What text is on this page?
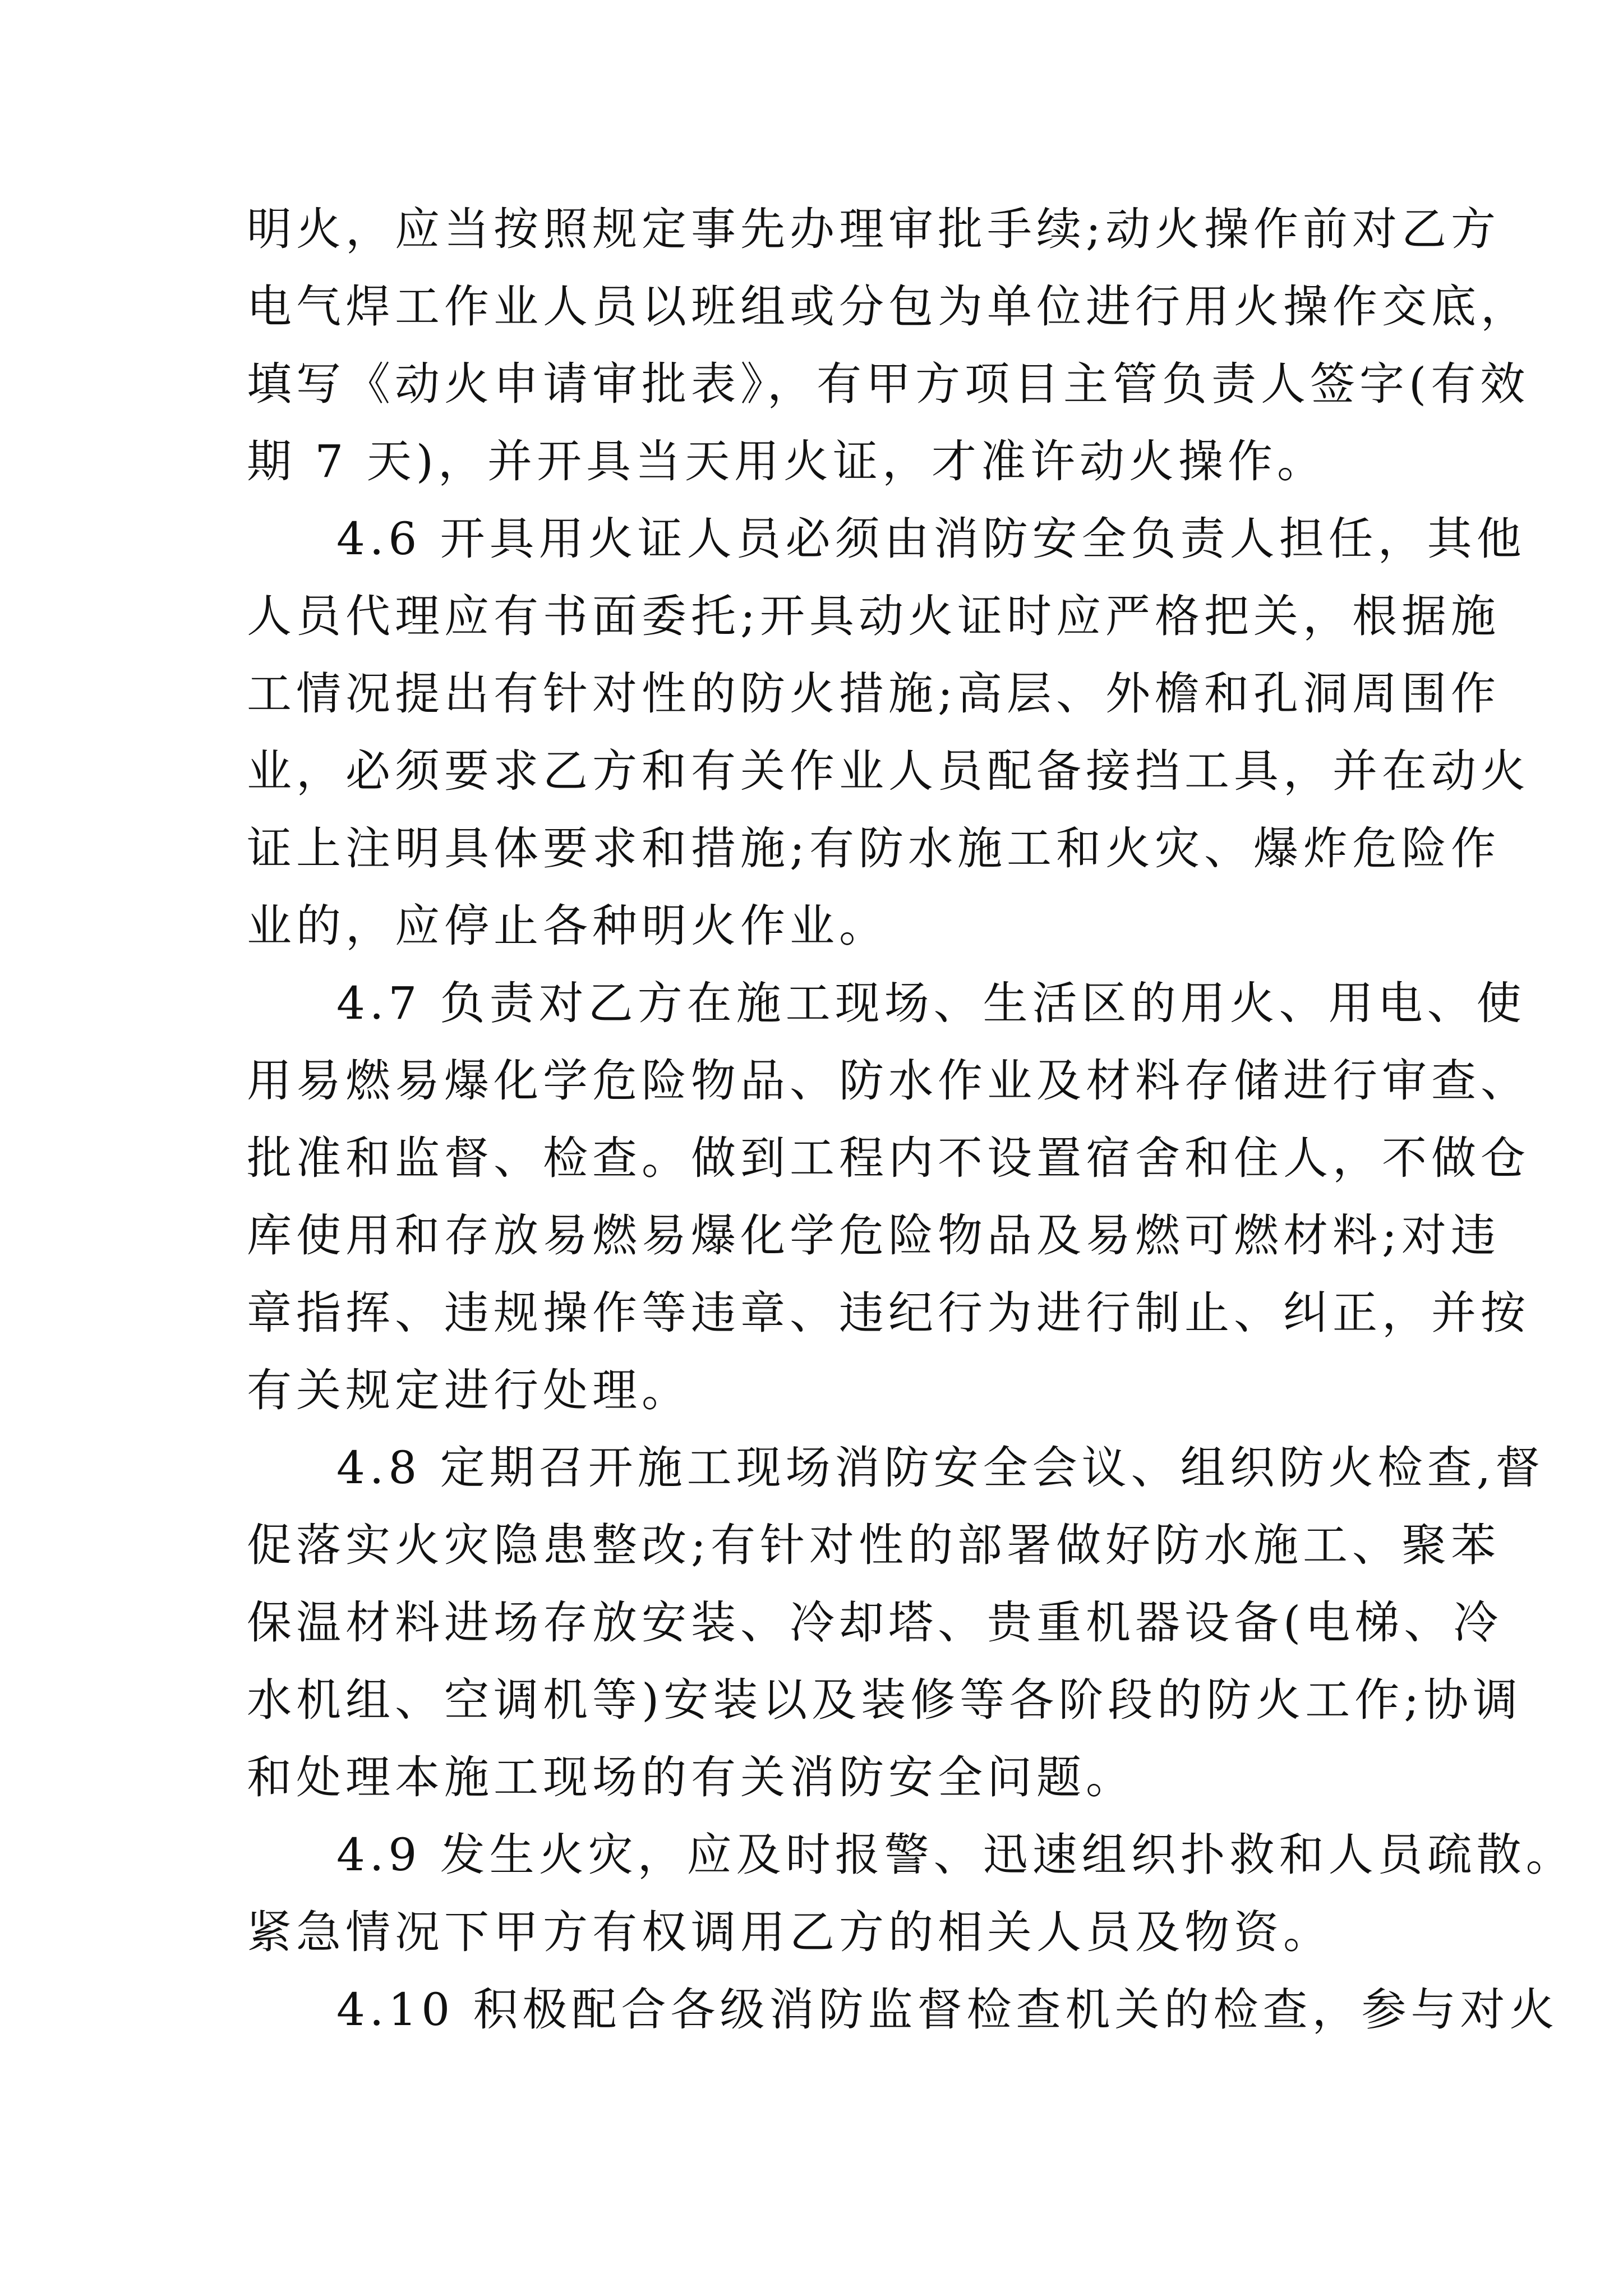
明火，应当按照规定事先办理审批手续;动火操作前对乙方
电气焊工作业人员以班组或分包为单位进行用火操作交底，
填写《动火申请审批表》，有甲方项目主管负责人签字(有效
期 7 天)，并开具当天用火证，才准许动火操作。
4.6 开具用火证人员必须由消防安全负责人担任，其他
人员代理应有书面委托;开具动火证时应严格把关，根据施
工情况提出有针对性的防火措施;高层、外檐和孔洞周围作
业，必须要求乙方和有关作业人员配备接挡工具，并在动火
证上注明具体要求和措施;有防水施工和火灾、爆炸危险作
业的，应停止各种明火作业。
4.7 负责对乙方在施工现场、生活区的用火、用电、使
用易燃易爆化学危险物品、防水作业及材料存储进行审查、
批准和监督、检查。做到工程内不设置宿舍和住人，不做仓
库使用和存放易燃易爆化学危险物品及易燃可燃材料;对违
章指挥、违规操作等违章、违纪行为进行制止、纠正，并按
有关规定进行处理。
4.8 定期召开施工现场消防安全会议、组织防火检查,督
促落实火灾隐患整改;有针对性的部署做好防水施工、聚苯
保温材料进场存放安装、冷却塔、贵重机器设备(电梯、冷
水机组、空调机等)安装以及装修等各阶段的防火工作;协调
和处理本施工现场的有关消防安全问题。
4.9 发生火灾，应及时报警、迅速组织扑救和人员疏散。
紧急情况下甲方有权调用乙方的相关人员及物资。
4.10 积极配合各级消防监督检查机关的检查，参与对火
